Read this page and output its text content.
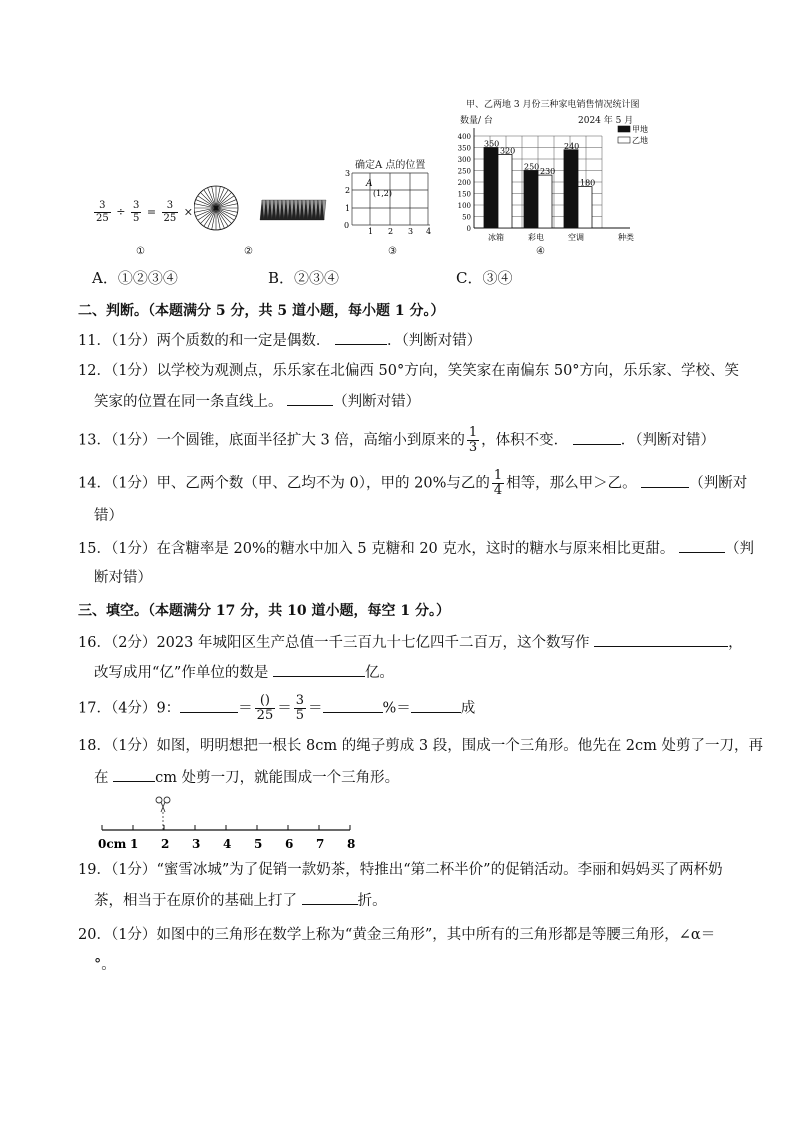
$\frac{3}{25} \div \frac{3}{5} = \frac{3}{25}$ ×
①	②
确定A 点的位置
0
1 2 3 4
1
2
3
A
(1,2)
③
甲、乙两地 3 月份三种家电销售情况统计图
数量/ 台	2024 年 5 月
0
50
100
150
200
250
300
350
400
350
320
冰箱
250
230
彩电
240
180
空调	种类
甲地
乙地
④
A．①②③④	B．②③④	C．③④
二、判断。（本题满分 5 分，共 5 道小题，每小题 1 分。）
11．（1分）两个质数的和一定是偶数．	．（判断对错）
12．（1分）以学校为观测点，乐乐家在北偏西 50°方向，笑笑家在南偏东 50°方向，乐乐家、学校、笑
笑家的位置在同一条直线上。	（判断对错）
13．（1分）一个圆锥，底面半径扩大 3 倍，高缩小到原来的 $\frac{1}{3}$ ，体积不变．	．（判断对错）
14．（1分）甲、乙两个数（甲、乙均不为 0），甲的 20%与乙的 $\frac{1}{4}$ 相等，那么甲＞乙。	（判断对
错）
15．（1分）在含糖率是 20%的糖水中加入 5 克糖和 20 克水，这时的糖水与原来相比更甜。	（判
断对错）
三、填空。（本题满分 17 分，共 10 道小题，每空 1 分。）
16．（2分）2023 年城阳区生产总值一千三百九十七亿四千二百万，这个数写作	，
改写成用“亿”作单位的数是	亿。
17．（4分）9：	＝ $\frac{()}{25} = \frac{3}{5}$ ＝	%＝	成
18．（1分）如图，明明想把一根长 8cm 的绳子剪成 3 段，围成一个三角形。他先在 2cm 处剪了一刀，再
在	cm 处剪一刀，就能围成一个三角形。
0cm 1 2 3 4 5 6 7 8
19．（1分）“蜜雪冰城”为了促销一款奶茶，特推出“第二杯半价”的促销活动。李丽和妈妈买了两杯奶
茶，相当于在原价的基础上打了	折。
20．（1分）如图中的三角形在数学上称为“黄金三角形”，其中所有的三角形都是等腰三角形，∠α＝
°。
